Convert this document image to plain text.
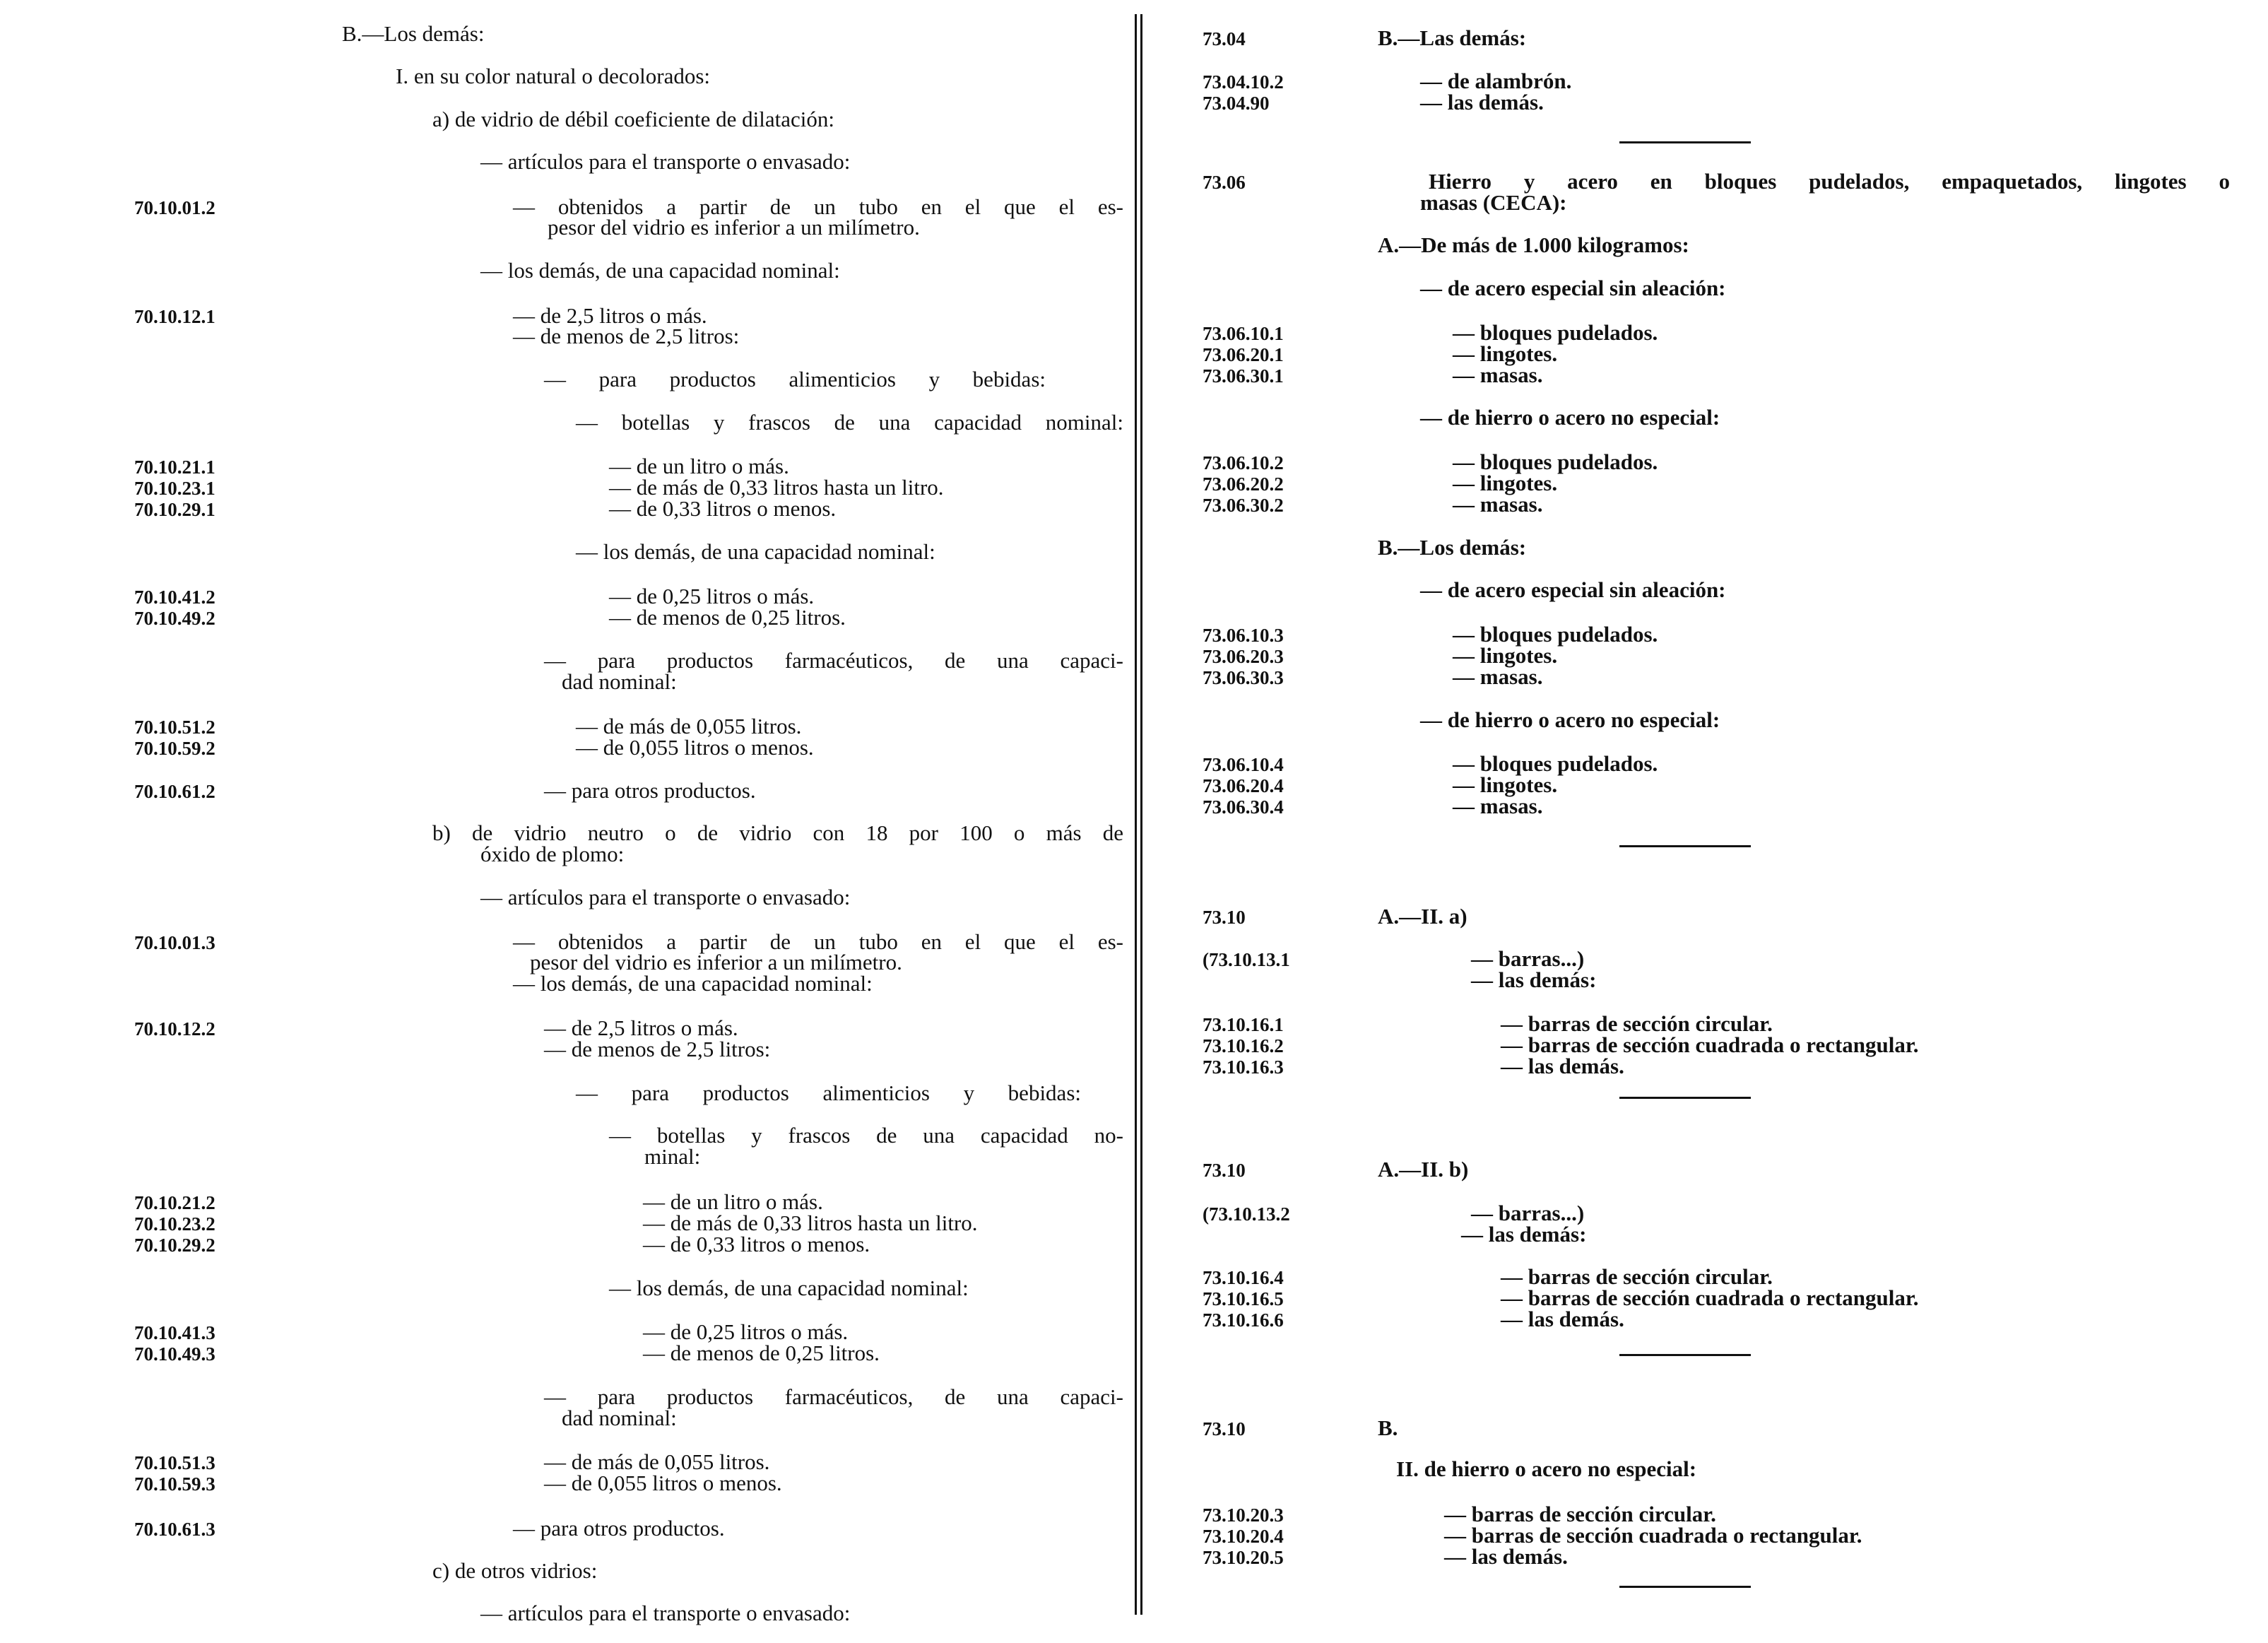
B.—Los demás:
I. en su color natural o decolorados:
a) de vidrio de débil coeficiente de dilatación:
— artículos para el transporte o envasado:
70.10.01.2	— obtenidos a partir de un tubo en el que el es-
pesor del vidrio es inferior a un milímetro.
— los demás, de una capacidad nominal:
70.10.12.1	— de 2,5 litros o más.
— de menos de 2,5 litros:
— para productos alimenticios y bebidas:
— botellas y frascos de una capacidad nominal:
70.10.21.1	— de un litro o más.
70.10.23.1	— de más de 0,33 litros hasta un litro.
70.10.29.1	— de 0,33 litros o menos.
— los demás, de una capacidad nominal:
70.10.41.2	— de 0,25 litros o más.
70.10.49.2	— de menos de 0,25 litros.
— para productos farmacéuticos, de una capaci-
dad nominal:
70.10.51.2	— de más de 0,055 litros.
70.10.59.2	— de 0,055 litros o menos.
70.10.61.2	— para otros productos.
b) de vidrio neutro o de vidrio con 18 por 100 o más de
óxido de plomo:
— artículos para el transporte o envasado:
70.10.01.3	— obtenidos a partir de un tubo en el que el es-
pesor del vidrio es inferior a un milímetro.
— los demás, de una capacidad nominal:
70.10.12.2	— de 2,5 litros o más.
— de menos de 2,5 litros:
— para productos alimenticios y bebidas:
— botellas y frascos de una capacidad no-
minal:
70.10.21.2	— de un litro o más.
70.10.23.2	— de más de 0,33 litros hasta un litro.
70.10.29.2	— de 0,33 litros o menos.
— los demás, de una capacidad nominal:
70.10.41.3	— de 0,25 litros o más.
70.10.49.3	— de menos de 0,25 litros.
— para productos farmacéuticos, de una capaci-
dad nominal:
70.10.51.3	— de más de 0,055 litros.
70.10.59.3	— de 0,055 litros o menos.
70.10.61.3	— para otros productos.
c) de otros vidrios:
— artículos para el transporte o envasado:
73.04	B.—Las demás:
73.04.10.2	— de alambrón.
73.04.90	— las demás.
73.06	Hierro y acero en bloques pudelados, empaquetados, lingotes o
masas (CECA):
A.—De más de 1.000 kilogramos:
— de acero especial sin aleación:
73.06.10.1	— bloques pudelados.
73.06.20.1	— lingotes.
73.06.30.1	— masas.
— de hierro o acero no especial:
73.06.10.2	— bloques pudelados.
73.06.20.2	— lingotes.
73.06.30.2	— masas.
B.—Los demás:
— de acero especial sin aleación:
73.06.10.3	— bloques pudelados.
73.06.20.3	— lingotes.
73.06.30.3	— masas.
— de hierro o acero no especial:
73.06.10.4	— bloques pudelados.
73.06.20.4	— lingotes.
73.06.30.4	— masas.
73.10	A.—II. a)
(73.10.13.1	— barras...)
— las demás:
73.10.16.1	— barras de sección circular.
73.10.16.2	— barras de sección cuadrada o rectangular.
73.10.16.3	— las demás.
73.10	A.—II. b)
(73.10.13.2	— barras...)
— las demás:
73.10.16.4	— barras de sección circular.
73.10.16.5	— barras de sección cuadrada o rectangular.
73.10.16.6	— las demás.
73.10	B.
II. de hierro o acero no especial:
73.10.20.3	— barras de sección circular.
73.10.20.4	— barras de sección cuadrada o rectangular.
73.10.20.5	— las demás.
